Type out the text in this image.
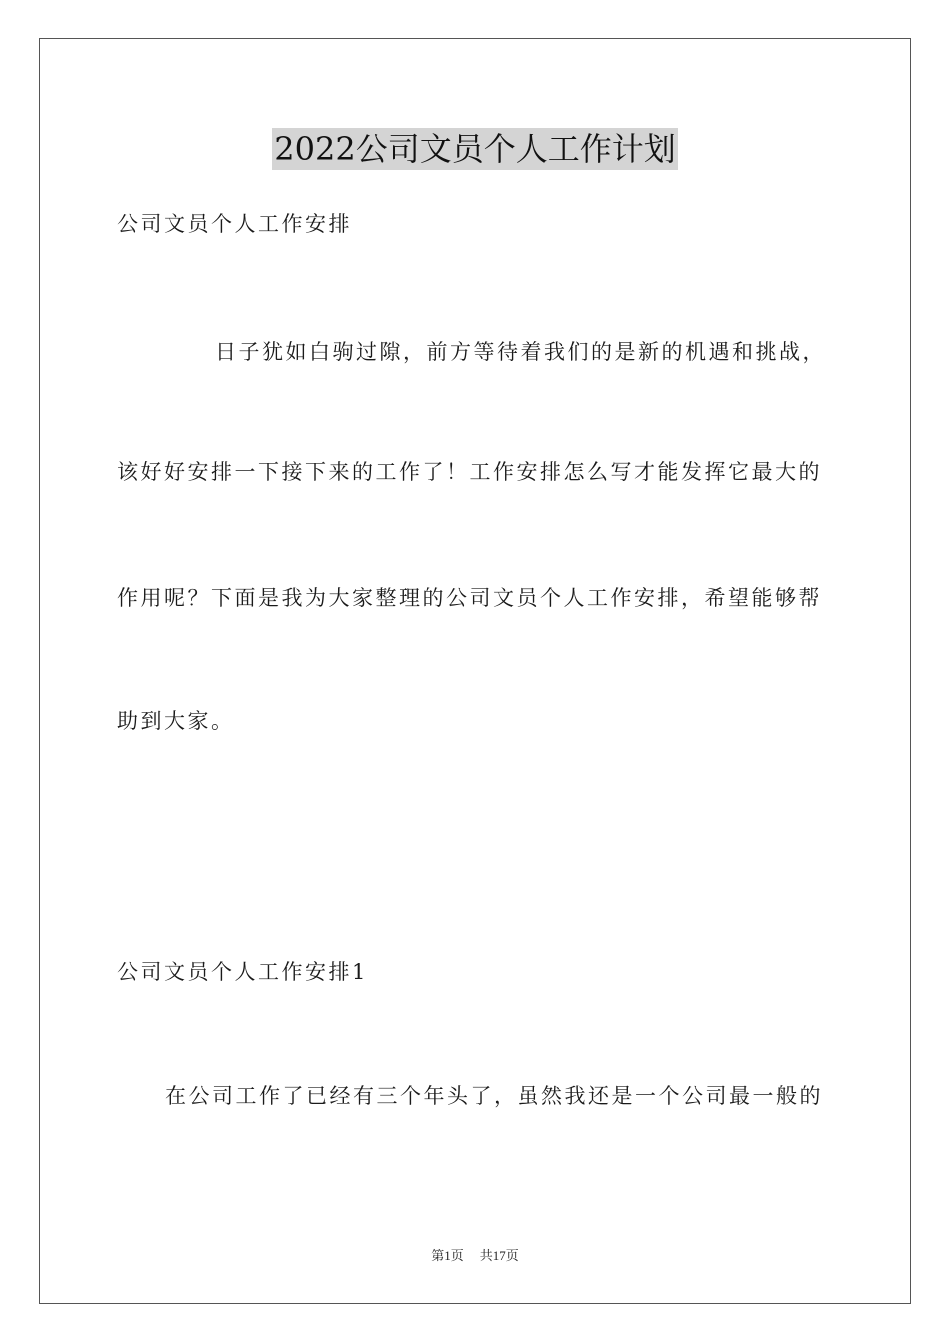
2022公司文员个人工作计划
公司文员个人工作安排
日子犹如白驹过隙，前方等待着我们的是新的机遇和挑战，
该好好安排一下接下来的工作了！工作安排怎么写才能发挥它最大的
作用呢？下面是我为大家整理的公司文员个人工作安排，希望能够帮
助到大家。
公司文员个人工作安排1
在公司工作了已经有三个年头了，虽然我还是一个公司最一般的
第1页 共17页
